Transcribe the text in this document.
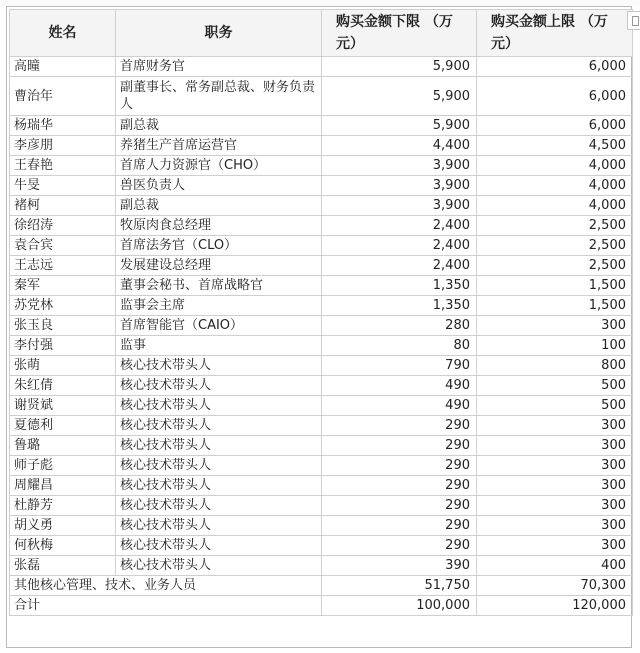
姓名	职务	购买金额下限 （万元）	购买金额上限 （万元）
高曈	首席财务官	5,900	6,000
曹治年	副董事长、常务副总裁、财务负责人	5,900	6,000
杨瑞华	副总裁	5,900	6,000
李彦朋	养猪生产首席运营官	4,400	4,500
王春艳	首席人力资源官（CHO）	3,900	4,000
牛旻	兽医负责人	3,900	4,000
褚柯	副总裁	3,900	4,000
徐绍涛	牧原肉食总经理	2,400	2,500
袁合宾	首席法务官（CLO）	2,400	2,500
王志远	发展建设总经理	2,400	2,500
秦军	董事会秘书、首席战略官	1,350	1,500
苏党林	监事会主席	1,350	1,500
张玉良	首席智能官（CAIO）	280	300
李付强	监事	80	100
张萌	核心技术带头人	790	800
朱红倩	核心技术带头人	490	500
谢贤斌	核心技术带头人	490	500
夏德利	核心技术带头人	290	300
鲁璐	核心技术带头人	290	300
师子彪	核心技术带头人	290	300
周耀昌	核心技术带头人	290	300
杜静芳	核心技术带头人	290	300
胡义勇	核心技术带头人	290	300
何秋梅	核心技术带头人	290	300
张磊	核心技术带头人	390	400
其他核心管理、技术、业务人员		51,750	70,300
合计		100,000	120,000
